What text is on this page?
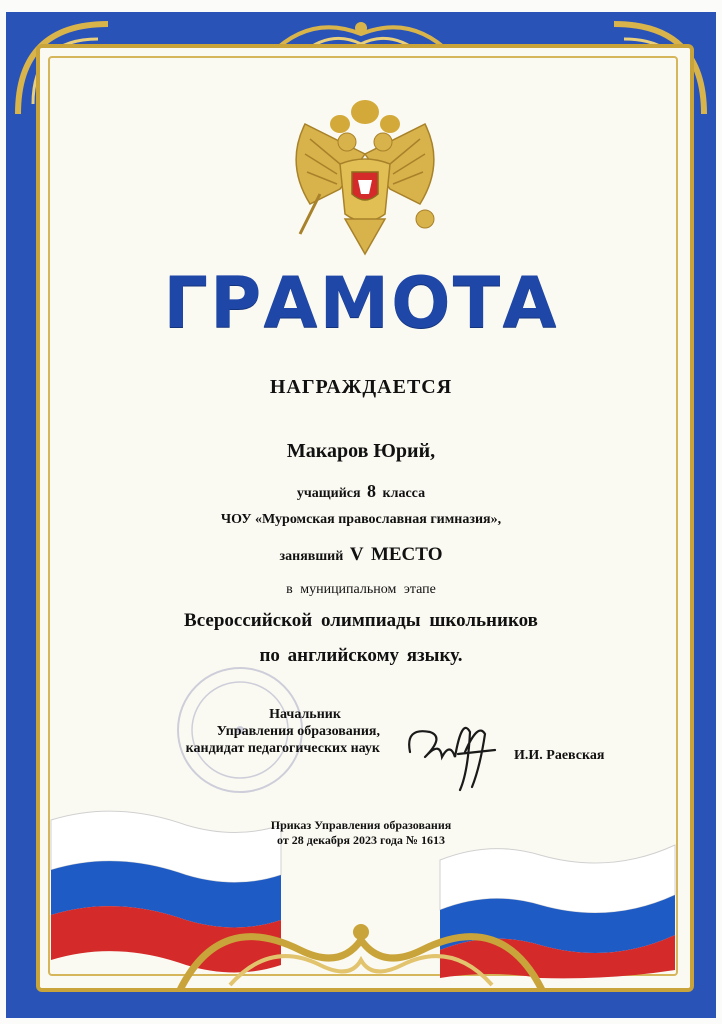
ГРАМОТА
НАГРАЖДАЕТСЯ
Макаров Юрий,
учащийся 8 класса
ЧОУ «Муромская православная гимназия»,
занявший V МЕСТО
в муниципальном этапе
Всероссийской олимпиады школьников
по английскому языку.
Начальник
Управления образования,
кандидат педагогических наук	И.И. Раевская
Приказ Управления образования
от 28 декабря 2023 года № 1613
